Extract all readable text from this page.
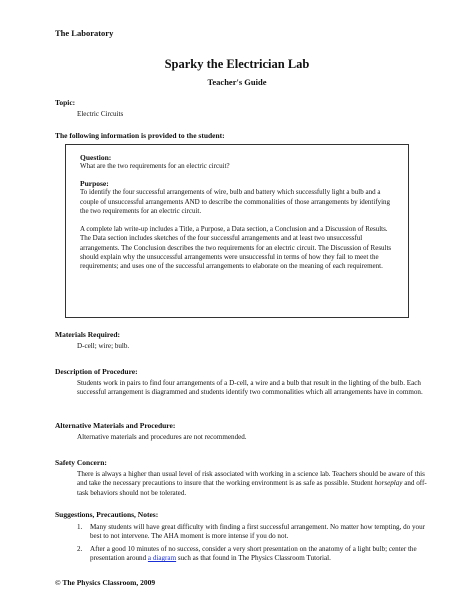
The Laboratory
Sparky the Electrician Lab
Teacher's Guide
Topic:
Electric Circuits
The following information is provided to the student:
Question:

What are the two requirements for an electric circuit?

Purpose:

To identify the four successful arrangements of wire, bulb and battery which successfully light a bulb and a couple of unsuccessful arrangements AND to describe the commonalities of those arrangements by identifying the two requirements for an electric circuit.

A complete lab write-up includes a Title, a Purpose, a Data section, a Conclusion and a Discussion of Results. The Data section includes sketches of the four successful arrangements and at least two unsuccessful arrangements. The Conclusion describes the two requirements for an electric circuit. The Discussion of Results should explain why the unsuccessful arrangements were unsuccessful in terms of how they fail to meet the requirements; and uses one of the successful arrangements to elaborate on the meaning of each requirement.

Materials Required:
D-cell; wire; bulb.
Description of Procedure:
Students work in pairs to find four arrangements of a D-cell, a wire and a bulb that result in the lighting of the bulb. Each successful arrangement is diagrammed and students identify two commonalities which all arrangements have in common.
Alternative Materials and Procedure:
Alternative materials and procedures are not recommended.
Safety Concern:
There is always a higher than usual level of risk associated with working in a science lab. Teachers should be aware of this and take the necessary precautions to insure that the working environment is as safe as possible. Student horseplay and off-task behaviors should not be tolerated.
Suggestions, Precautions, Notes:
1.	Many students will have great difficulty with finding a first successful arrangement. No matter how tempting, do your best to not intervene. The AHA moment is more intense if you do not.
2.	After a good 10 minutes of no success, consider a very short presentation on the anatomy of a light bulb; center the presentation around a diagram such as that found in The Physics Classroom Tutorial.
© The Physics Classroom, 2009
